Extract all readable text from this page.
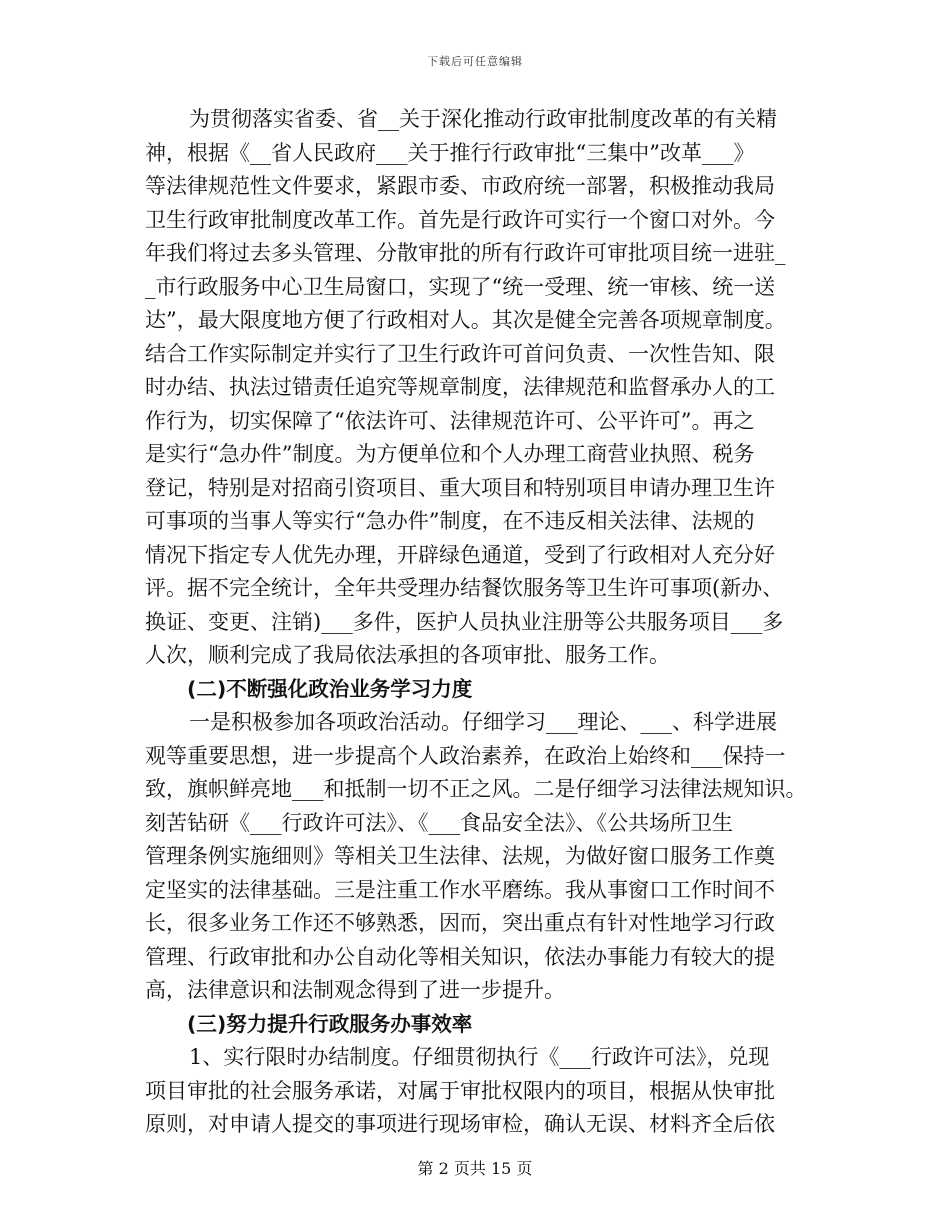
下载后可任意编辑
为贯彻落实省委、省__关于深化推动行政审批制度改革的有关精
神，根据《__省人民政府___关于推行行政审批“三集中”改革___》
等法律规范性文件要求，紧跟市委、市政府统一部署，积极推动我局
卫生行政审批制度改革工作。首先是行政许可实行一个窗口对外。今
年我们将过去多头管理、分散审批的所有行政许可审批项目统一进驻_
_市行政服务中心卫生局窗口，实现了“统一受理、统一审核、统一送
达”，最大限度地方便了行政相对人。其次是健全完善各项规章制度。
结合工作实际制定并实行了卫生行政许可首问负责、一次性告知、限
时办结、执法过错责任追究等规章制度，法律规范和监督承办人的工
作行为，切实保障了“依法许可、法律规范许可、公平许可”。再之
是实行“急办件”制度。为方便单位和个人办理工商营业执照、税务
登记，特别是对招商引资项目、重大项目和特别项目申请办理卫生许
可事项的当事人等实行“急办件”制度，在不违反相关法律、法规的
情况下指定专人优先办理，开辟绿色通道，受到了行政相对人充分好
评。据不完全统计，全年共受理办结餐饮服务等卫生许可事项(新办、
换证、变更、注销)___多件，医护人员执业注册等公共服务项目___多
人次，顺利完成了我局依法承担的各项审批、服务工作。
(二)不断强化政治业务学习力度
一是积极参加各项政治活动。仔细学习___理论、___、科学进展
观等重要思想，进一步提高个人政治素养，在政治上始终和___保持一
致，旗帜鲜亮地___和抵制一切不正之风。二是仔细学习法律法规知识。
刻苦钻研《___行政许可法》、《___食品安全法》、《公共场所卫生
管理条例实施细则》等相关卫生法律、法规，为做好窗口服务工作奠
定坚实的法律基础。三是注重工作水平磨练。我从事窗口工作时间不
长，很多业务工作还不够熟悉，因而，突出重点有针对性地学习行政
管理、行政审批和办公自动化等相关知识，依法办事能力有较大的提
高，法律意识和法制观念得到了进一步提升。
(三)努力提升行政服务办事效率
1、实行限时办结制度。仔细贯彻执行《___行政许可法》，兑现
项目审批的社会服务承诺，对属于审批权限内的项目，根据从快审批
原则，对申请人提交的事项进行现场审检，确认无误、材料齐全后依
第 2 页共 15 页
